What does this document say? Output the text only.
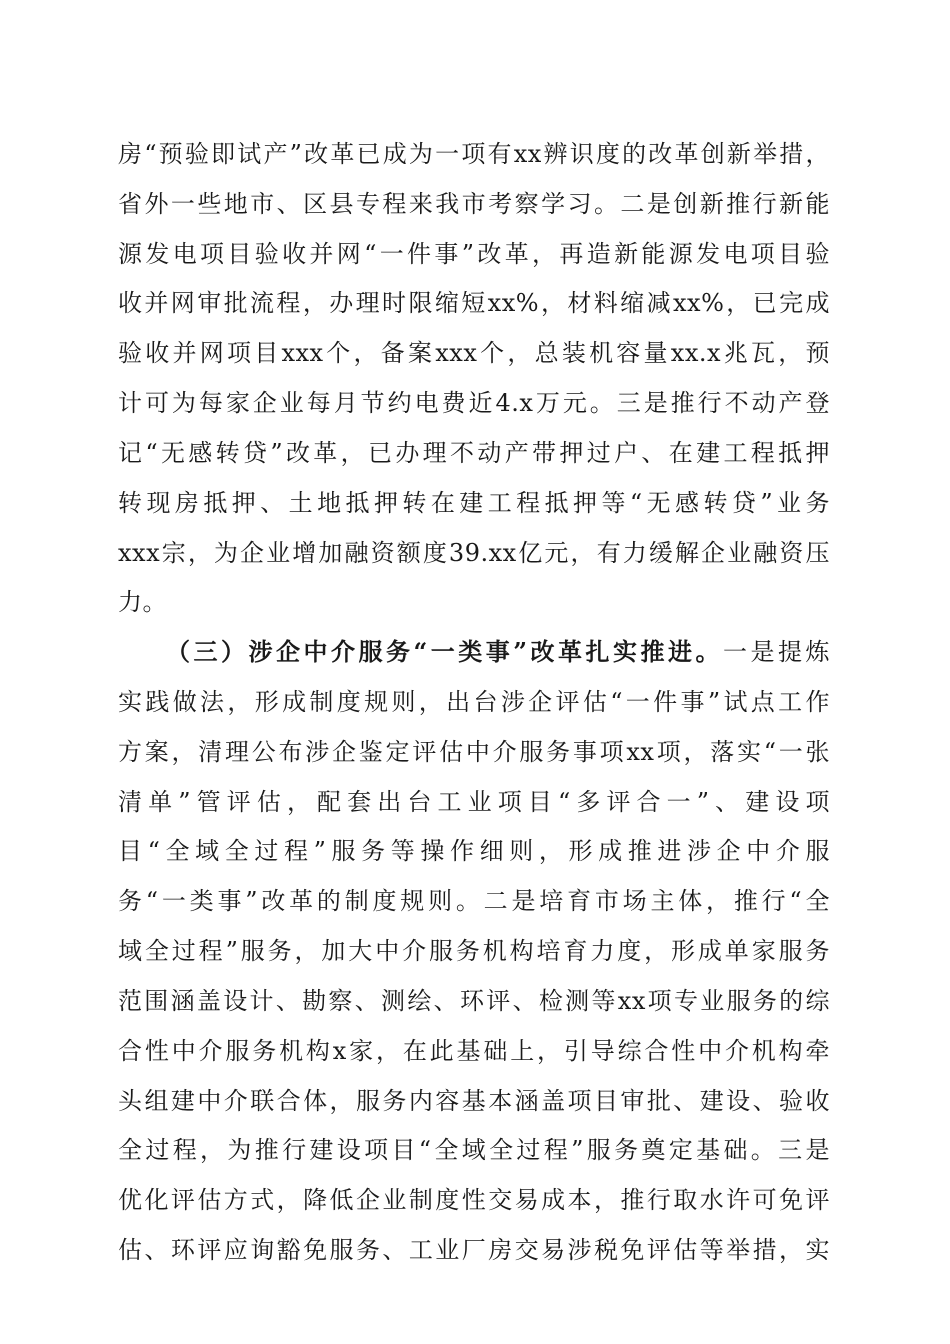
房“预验即试产”改革已成为一项有xx辨识度的改革创新举措，
省外一些地市、区县专程来我市考察学习。二是创新推行新能
源发电项目验收并网“一件事”改革，再造新能源发电项目验
收并网审批流程，办理时限缩短xx%，材料缩减xx%，已完成
验收并网项目xxx个，备案xxx个，总装机容量xx.x兆瓦，预
计可为每家企业每月节约电费近4.x万元。三是推行不动产登
记“无感转贷”改革，已办理不动产带押过户、在建工程抵押
转现房抵押、土地抵押转在建工程抵押等“无感转贷”业务
xxx宗，为企业增加融资额度39.xx亿元，有力缓解企业融资压
力。
（三）涉企中介服务“一类事”改革扎实推进。一是提炼
实践做法，形成制度规则，出台涉企评估“一件事”试点工作
方案，清理公布涉企鉴定评估中介服务事项xx项，落实“一张
清单”管评估，配套出台工业项目“多评合一”、建设项
目“全域全过程”服务等操作细则，形成推进涉企中介服
务“一类事”改革的制度规则。二是培育市场主体，推行“全
域全过程”服务，加大中介服务机构培育力度，形成单家服务
范围涵盖设计、勘察、测绘、环评、检测等xx项专业服务的综
合性中介服务机构x家，在此基础上，引导综合性中介机构牵
头组建中介联合体，服务内容基本涵盖项目审批、建设、验收
全过程，为推行建设项目“全域全过程”服务奠定基础。三是
优化评估方式，降低企业制度性交易成本，推行取水许可免评
估、环评应询豁免服务、工业厂房交易涉税免评估等举措，实
